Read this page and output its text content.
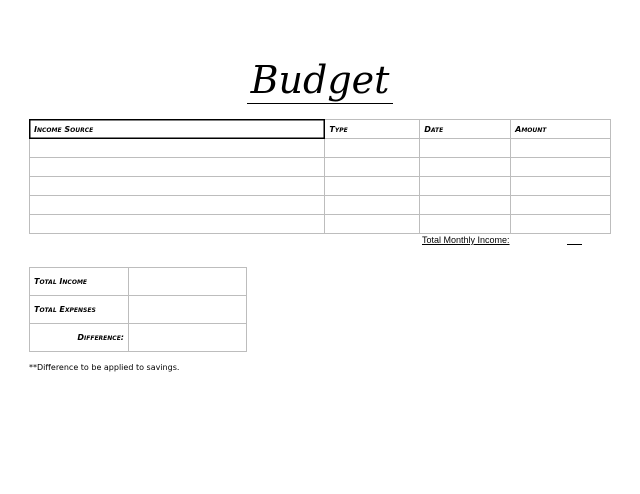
Budget
Income Source	Type	Date	Amount

Total Monthly Income:
Total Income	
Total Expenses	
Difference:	
**Difference to be applied to savings.
